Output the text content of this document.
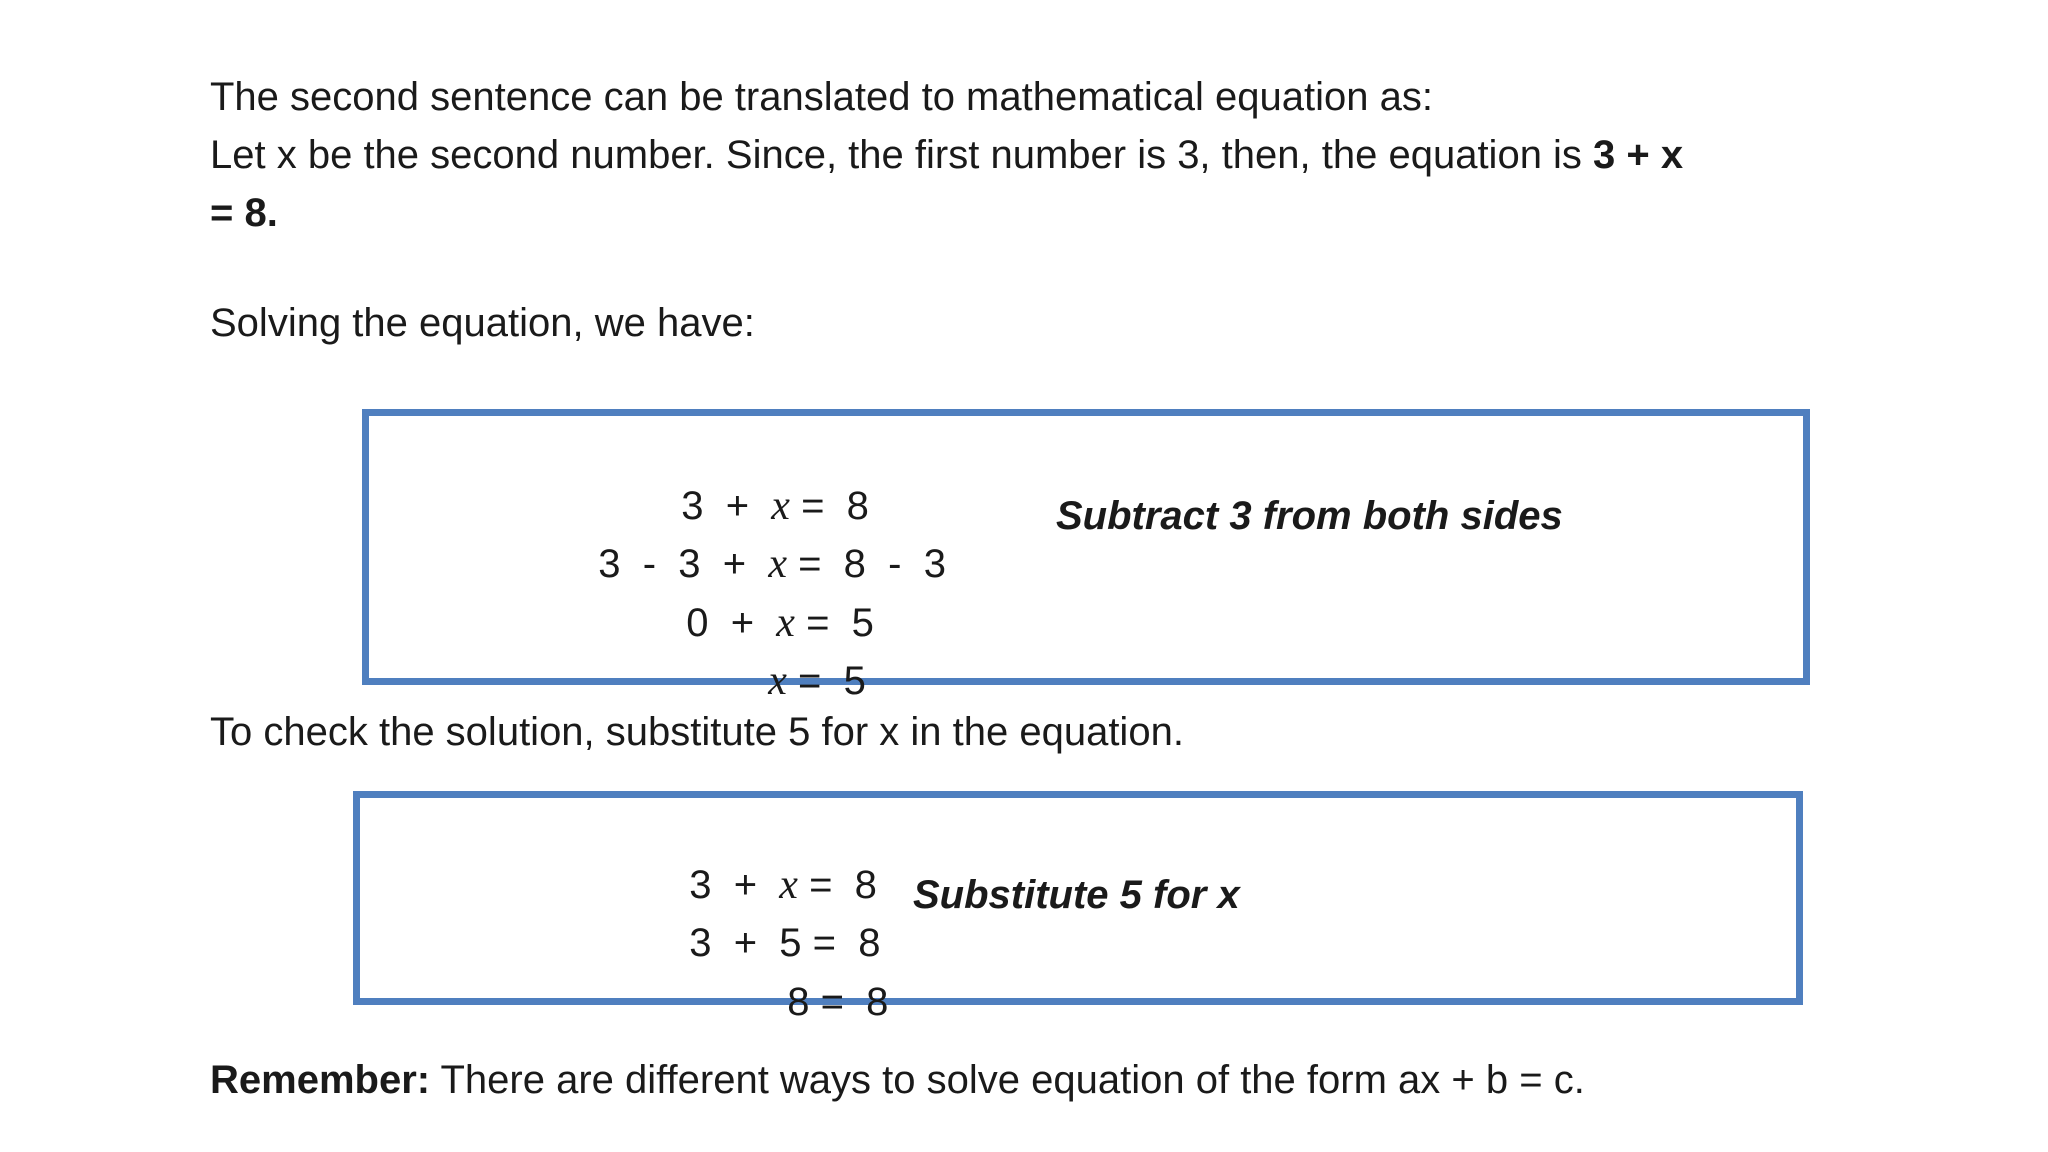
The second sentence can be translated to mathematical equation as:
Let x be the second number. Since, the first number is 3, then, the equation is 3 + x
= 8.

Solving the equation, we have:

3  +  x =  8

3  -  3  +  x =  8  -  3

0  +  x =  5

x =  5

Subtract 3 from both sides

To check the solution, substitute 5 for x in the equation.

3  +  x =  8

3  +  5 =  8

8 =  8

Substitute 5 for x

Remember: There are different ways to solve equation of the form ax + b = c.
